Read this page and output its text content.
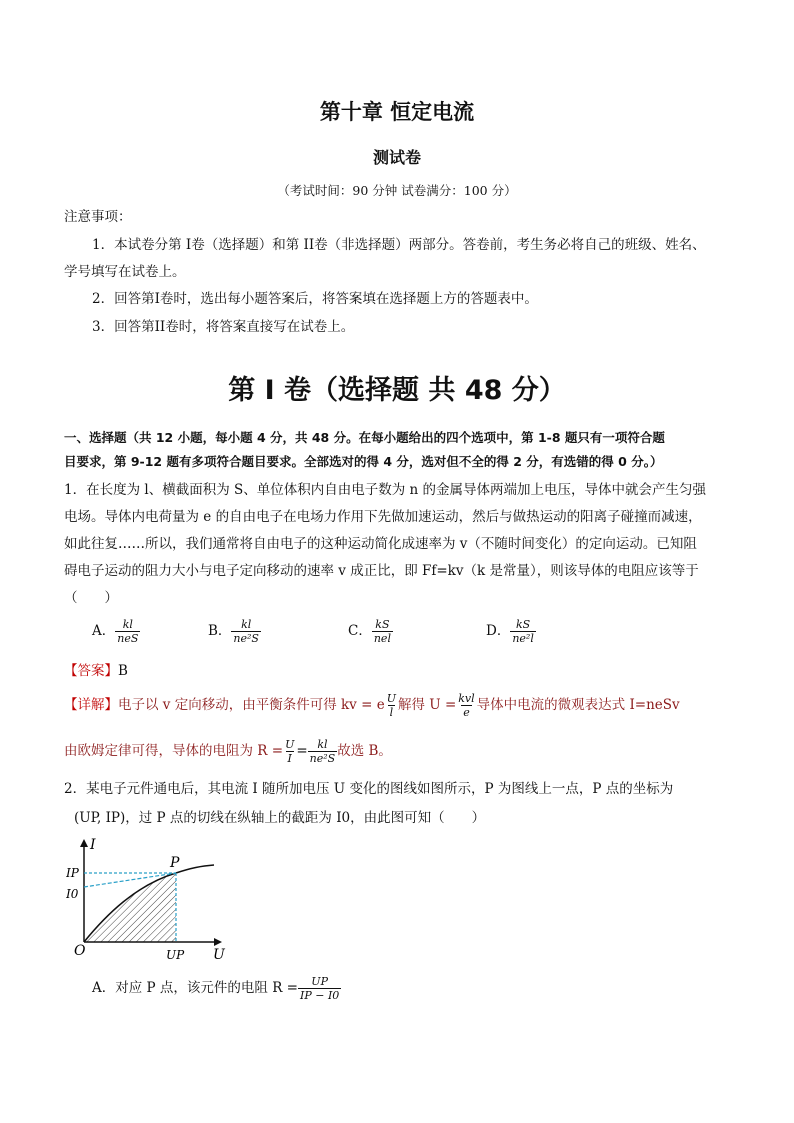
第十章 恒定电流
测试卷
（考试时间：90 分钟 试卷满分：100 分）
注意事项：
1．本试卷分第 I卷（选择题）和第 II卷（非选择题）两部分。答卷前，考生务必将自己的班级、姓名、
学号填写在试卷上。
2．回答第I卷时，选出每小题答案后，将答案填在选择题上方的答题表中。
3．回答第II卷时，将答案直接写在试卷上。
第 I 卷（选择题 共 48 分）
一、选择题（共 12 小题，每小题 4 分，共 48 分。在每小题给出的四个选项中，第 1-8 题只有一项符合题
目要求，第 9-12 题有多项符合题目要求。全部选对的得 4 分，选对但不全的得 2 分，有选错的得 0 分。）
1．在长度为 l、横截面积为 S、单位体积内自由电子数为 n 的金属导体两端加上电压，导体中就会产生匀强
电场。导体内电荷量为 e 的自由电子在电场力作用下先做加速运动，然后与做热运动的阳离子碰撞而减速，
如此往复……所以，我们通常将自由电子的这种运动简化成速率为 v（不随时间变化）的定向运动。已知阻
碍电子运动的阻力大小与电子定向移动的速率 v 成正比，即 Ff=kv（k 是常量），则该导体的电阻应该等于
（　　）
A． $\frac{kl}{\text{neS}}$	B． $\frac{kl}{\text{ne²S}}$	C． $\frac{kS}{\text{nel}}$	D． $\frac{kS}{\text{ne²l}}$
【答案】B
【详解】电子以 v 定向移动，由平衡条件可得 kv = e $\frac{U}{l}$ 解得 $U = \frac{\text{kvl}}{e}$ 导体中电流的微观表达式 I=neSv
由欧姆定律可得，导体的电阻为 $R = \frac{U}{I} = \frac{kl}{\text{ne²S}}$ 故选 B。
2．某电子元件通电后，其电流 I 随所加电压 U 变化的图线如图所示，P 为图线上一点，P 点的坐标为
(UP, IP)，过 P 点的切线在纵轴上的截距为 I0，由此图可知（　　）
I
U
O
P
IP
I0
UP
A．对应 P 点，该元件的电阻 $R = \frac{UP}{IP - I0}$
